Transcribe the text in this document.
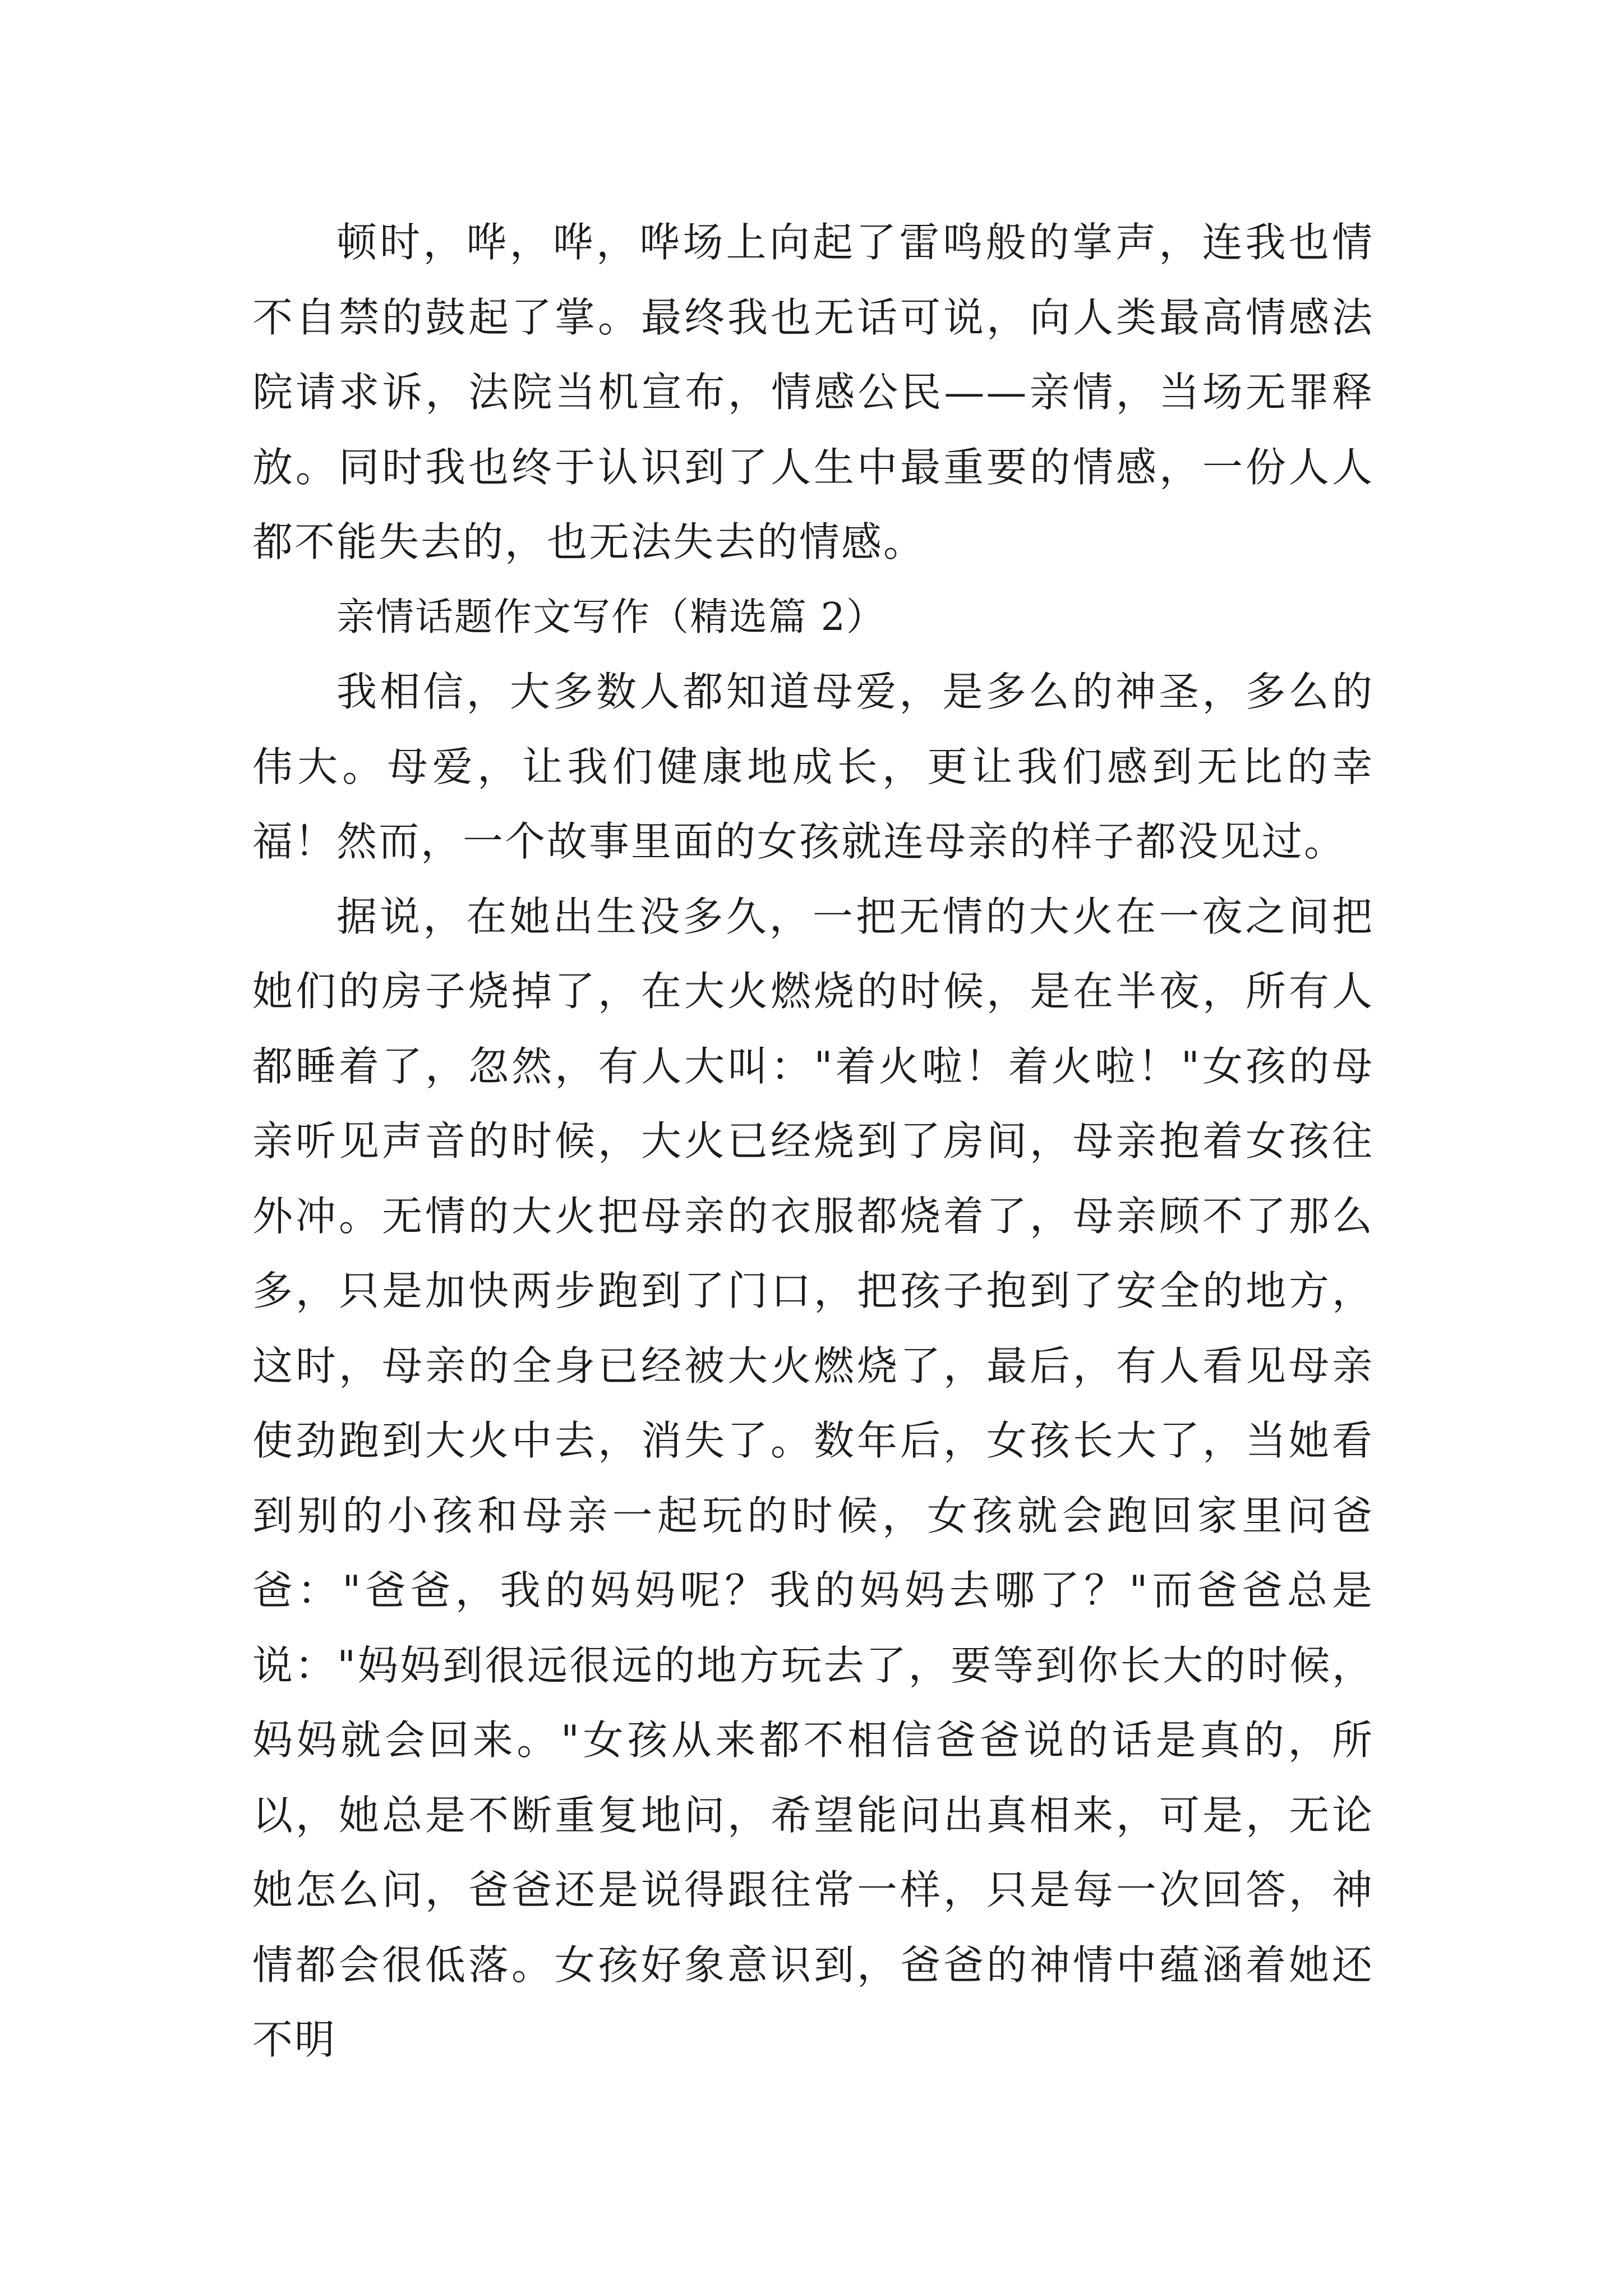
顿时，哗，哗，哗场上向起了雷鸣般的掌声，连我也情不自禁的鼓起了掌。最终我也无话可说，向人类最高情感法院请求诉，法院当机宣布，情感公民——亲情，当场无罪释放。同时我也终于认识到了人生中最重要的情感，一份人人都不能失去的，也无法失去的情感。

亲情话题作文写作（精选篇 2）

我相信，大多数人都知道母爱，是多么的神圣，多么的伟大。母爱，让我们健康地成长，更让我们感到无比的幸福！然而，一个故事里面的女孩就连母亲的样子都没见过。

据说，在她出生没多久，一把无情的大火在一夜之间把她们的房子烧掉了，在大火燃烧的时候，是在半夜，所有人都睡着了，忽然，有人大叫："着火啦！着火啦！"女孩的母亲听见声音的时候，大火已经烧到了房间，母亲抱着女孩往外冲。无情的大火把母亲的衣服都烧着了，母亲顾不了那么多，只是加快两步跑到了门口，把孩子抱到了安全的地方，这时，母亲的全身已经被大火燃烧了，最后，有人看见母亲使劲跑到大火中去，消失了。数年后，女孩长大了，当她看到别的小孩和母亲一起玩的时候，女孩就会跑回家里问爸爸："爸爸，我的妈妈呢？我的妈妈去哪了？"而爸爸总是说："妈妈到很远很远的地方玩去了，要等到你长大的时候，妈妈就会回来。"女孩从来都不相信爸爸说的话是真的，所以，她总是不断重复地问，希望能问出真相来，可是，无论她怎么问，爸爸还是说得跟往常一样，只是每一次回答，神情都会很低落。女孩好象意识到，爸爸的神情中蕴涵着她还不明
